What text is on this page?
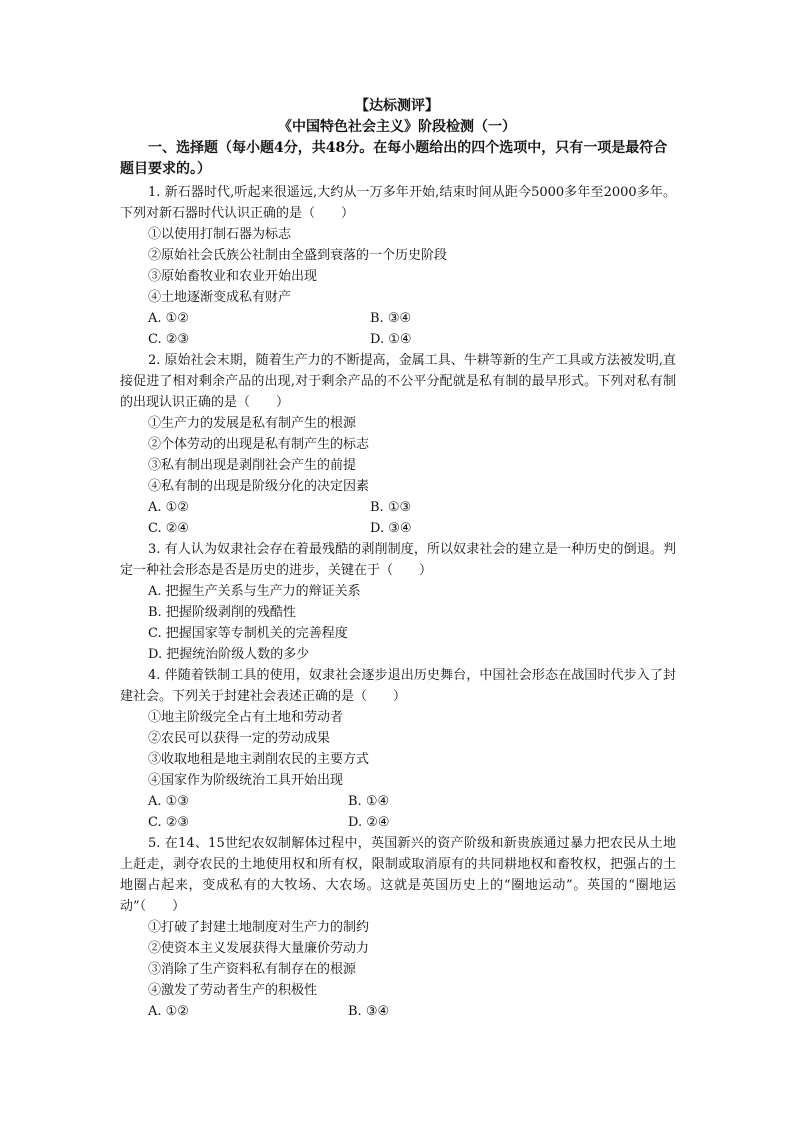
【达标测评】
《中国特色社会主义》阶段检测（一）
一、选择题（每小题4分，共48分。在每小题给出的四个选项中，只有一项是最符合题目要求的。）
1. 新石器时代,听起来很遥远,大约从一万多年开始,结束时间从距今5000多年至2000多年。下列对新石器时代认识正确的是（　　）
①以使用打制石器为标志
②原始社会氏族公社制由全盛到衰落的一个历史阶段
③原始畜牧业和农业开始出现
④土地逐渐变成私有财产
A. ①②	B. ③④
C. ②③	D. ①④
2. 原始社会末期，随着生产力的不断提高，金属工具、牛耕等新的生产工具或方法被发明,直接促进了相对剩余产品的出现,对于剩余产品的不公平分配就是私有制的最早形式。下列对私有制的出现认识正确的是（　　）
①生产力的发展是私有制产生的根源
②个体劳动的出现是私有制产生的标志
③私有制出现是剥削社会产生的前提
④私有制的出现是阶级分化的决定因素
A. ①②	B. ①③
C. ②④	D. ③④
3. 有人认为奴隶社会存在着最残酷的剥削制度，所以奴隶社会的建立是一种历史的倒退。判定一种社会形态是否是历史的进步，关键在于（　　）
A. 把握生产关系与生产力的辩证关系
B. 把握阶级剥削的残酷性
C. 把握国家等专制机关的完善程度
D. 把握统治阶级人数的多少
4. 伴随着铁制工具的使用，奴隶社会逐步退出历史舞台，中国社会形态在战国时代步入了封建社会。下列关于封建社会表述正确的是（　　）
①地主阶级完全占有土地和劳动者
②农民可以获得一定的劳动成果
③收取地租是地主剥削农民的主要方式
④国家作为阶级统治工具开始出现
A. ①③	B. ①④
C. ②③	D. ②④
5. 在14、15世纪农奴制解体过程中，英国新兴的资产阶级和新贵族通过暴力把农民从土地上赶走，剥夺农民的土地使用权和所有权，限制或取消原有的共同耕地权和畜牧权，把强占的土地圈占起来，变成私有的大牧场、大农场。这就是英国历史上的“圈地运动”。英国的“圈地运动”（　　）
①打破了封建土地制度对生产力的制约
②使资本主义发展获得大量廉价劳动力
③消除了生产资料私有制存在的根源
④激发了劳动者生产的积极性
A. ①②	B. ③④
